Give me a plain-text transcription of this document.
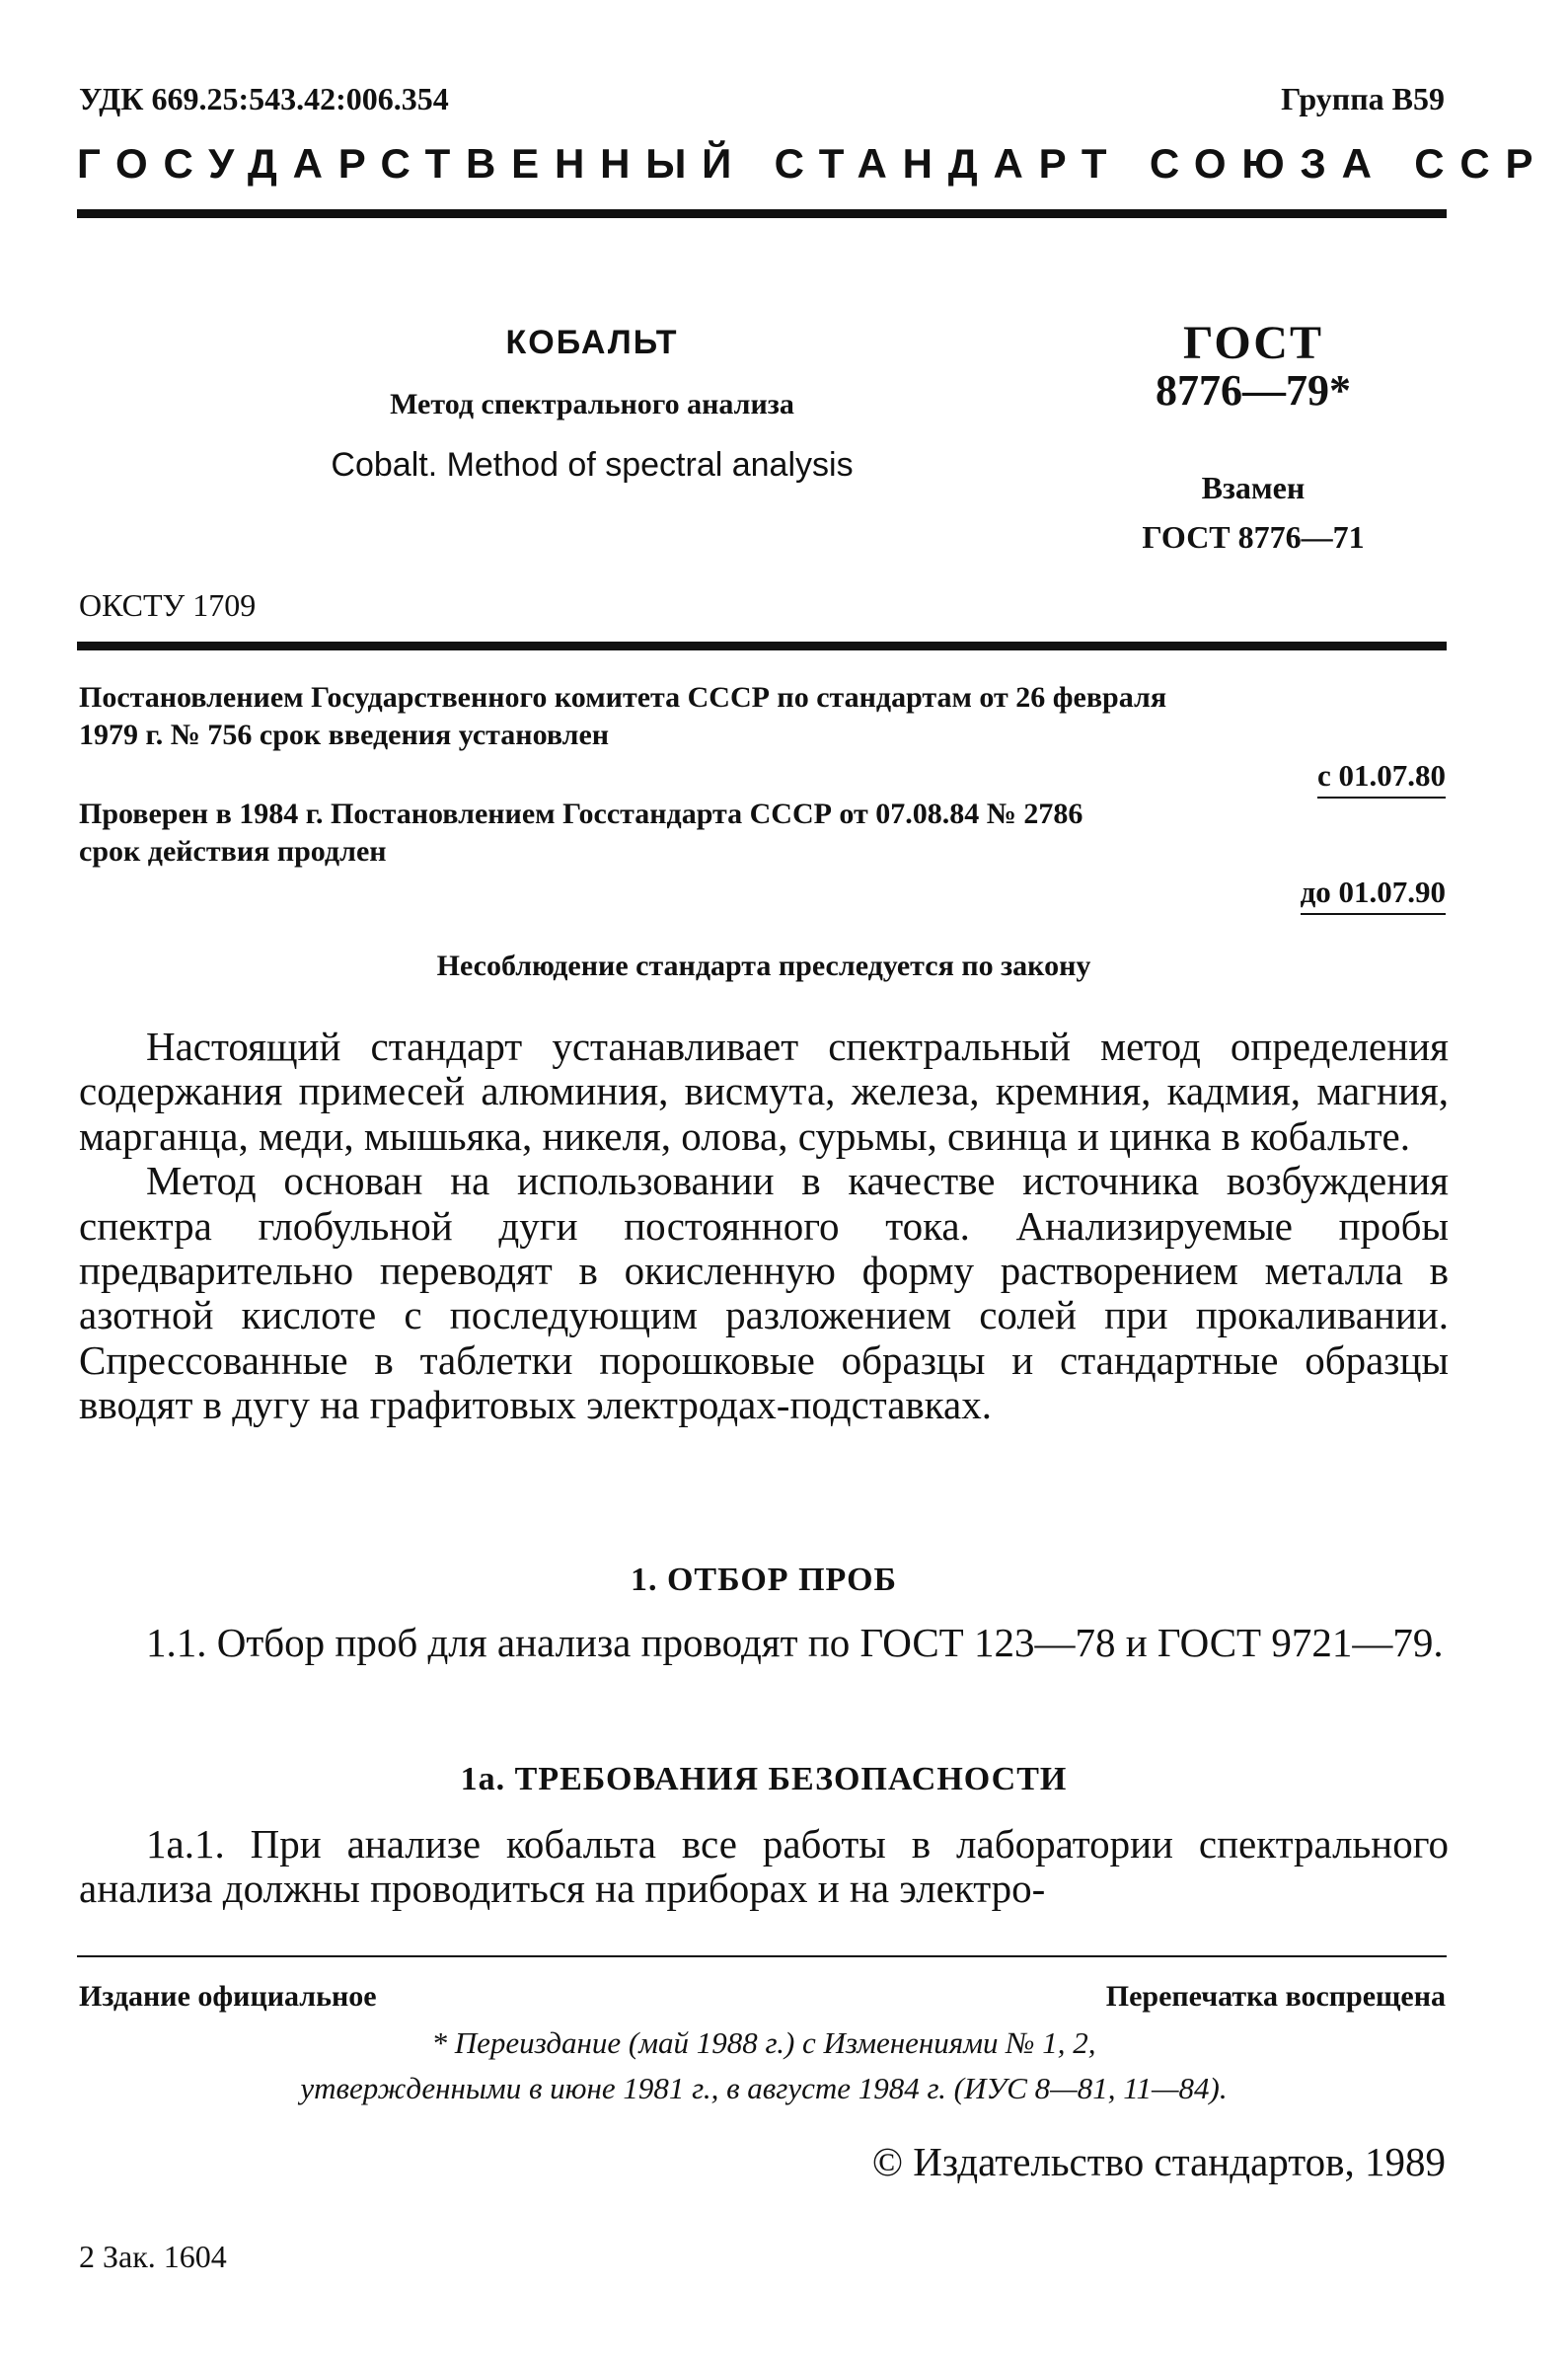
УДК 669.25:543.42:006.354	Группа В59
ГОСУДАРСТВЕННЫЙ СТАНДАРТ СОЮЗА ССР
КОБАЛЬТ
Метод спектрального анализа
Cobalt. Method of spectral analysis
ГОСТ
8776—79*
Взамен
ГОСТ 8776—71
ОКСТУ 1709
Постановлением Государственного комитета СССР по стандартам от 26 февраля
1979 г. № 756 срок введения установлен
с 01.07.80
Проверен в 1984 г. Постановлением Госстандарта СССР от 07.08.84 № 2786
срок действия продлен
до 01.07.90
Несоблюдение стандарта преследуется по закону

Настоящий стандарт устанавливает спектральный метод определения содержания примесей алюминия, висмута, железа, кремния, кадмия, магния, марганца, меди, мышьяка, никеля, олова, сурьмы, свинца и цинка в кобальте.

Метод основан на использовании в качестве источника возбуждения спектра глобульной дуги постоянного тока. Анализируемые пробы предварительно переводят в окисленную форму растворением металла в азотной кислоте с последующим разложением солей при прокаливании. Спрессованные в таблетки порошковые образцы и стандартные образцы вводят в дугу на графитовых электродах-подставках.

1. ОТБОР ПРОБ

1.1. Отбор проб для анализа проводят по ГОСТ 123—78 и ГОСТ 9721—79.

1а. ТРЕБОВАНИЯ БЕЗОПАСНОСТИ

1а.1. При анализе кобальта все работы в лаборатории спектрального анализа должны проводиться на приборах и на электро-

Издание официальное	Перепечатка воспрещена
* Переиздание (май 1988 г.) с Изменениями № 1, 2,
утвержденными в июне 1981 г., в августе 1984 г. (ИУС 8—81, 11—84).
© Издательство стандартов, 1989
2 Зак. 1604
